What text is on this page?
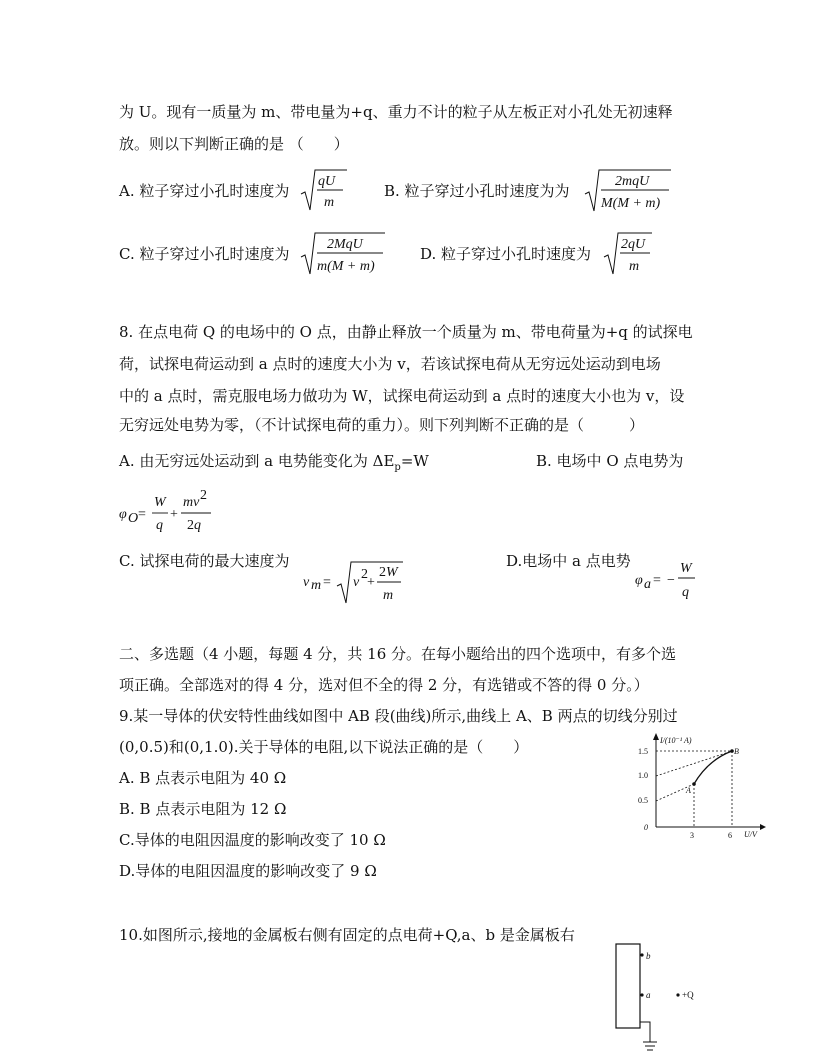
为 U。现有一质量为 m、带电量为+q、重力不计的粒子从左板正对小孔处无初速释
放。则以下判断正确的是 （　　）
A. 粒子穿过小孔时速度为
qU
m
B. 粒子穿过小孔时速度为为
2mqU
M(M + m)
C. 粒子穿过小孔时速度为
2MqU
m(M + m)
D. 粒子穿过小孔时速度为
2qU
m
8. 在点电荷 Q 的电场中的 O 点，由静止释放一个质量为 m、带电荷量为+q 的试探电
荷，试探电荷运动到 a 点时的速度大小为 v，若该试探电荷从无穷远处运动到电场
中的 a 点时，需克服电场力做功为 W，试探电荷运动到 a 点时的速度大小也为 v，设
无穷远处电势为零，（不计试探电荷的重力）。则下列判断不正确的是（　　　）
A. 由无穷远处运动到 a 电势能变化为 $\Delta E_p=W$	B. 电场中 O 点电势为
φ O =
W
q
+
mv 2
2q
C. 试探电荷的最大速度为
v m = v
2
+
2W
m
D.电场中 a 点电势
φ a = −
W
q
二、多选题（4 小题，每题 4 分，共 16 分。在每小题给出的四个选项中，有多个选
项正确。全部选对的得 4 分，选对但不全的得 2 分，有选错或不答的得 0 分。）
9.某一导体的伏安特性曲线如图中 AB 段(曲线)所示,曲线上 A、B 两点的切线分别过
(0,0.5)和(0,1.0).关于导体的电阻,以下说法正确的是（　　）
A. B 点表示电阻为 40 Ω
B. B 点表示电阻为 12 Ω
C.导体的电阻因温度的影响改变了 10 Ω
D.导体的电阻因温度的影响改变了 9 Ω
I/(10⁻¹ A)
U/V
1.5
1.0
0.5
0
3	6
A
B
10.如图所示,接地的金属板右侧有固定的点电荷+Q,a、b 是金属板右
b
a	+Q
